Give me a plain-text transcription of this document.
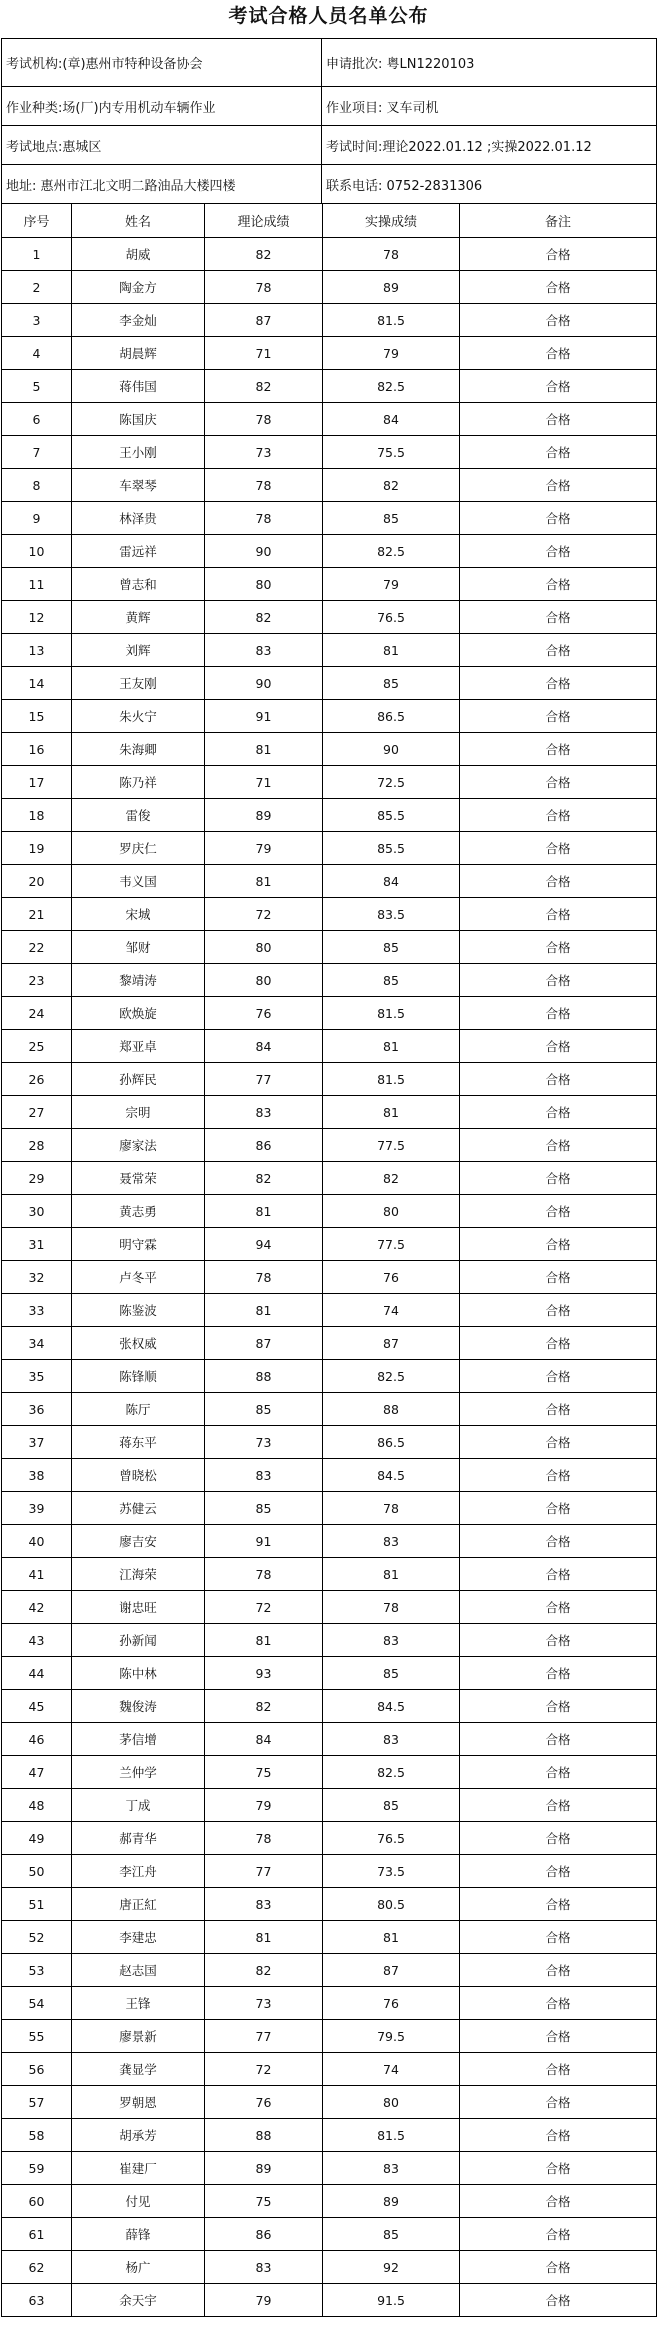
考试合格人员名单公布
考试机构:(章)惠州市特种设备协会	申请批次: 粤LN1220103
作业种类:场(厂)内专用机动车辆作业	作业项目: 叉车司机
考试地点:惠城区	考试时间:理论2022.01.12 ;实操2022.01.12
地址: 惠州市江北文明二路油品大楼四楼	联系电话: 0752-2831306
序号	姓名	理论成绩	实操成绩	备注
1	胡威	82	78	合格
2	陶金方	78	89	合格
3	李金灿	87	81.5	合格
4	胡晨辉	71	79	合格
5	蒋伟国	82	82.5	合格
6	陈国庆	78	84	合格
7	王小刚	73	75.5	合格
8	车翠琴	78	82	合格
9	林泽贵	78	85	合格
10	雷远祥	90	82.5	合格
11	曾志和	80	79	合格
12	黄辉	82	76.5	合格
13	刘辉	83	81	合格
14	王友刚	90	85	合格
15	朱火宁	91	86.5	合格
16	朱海卿	81	90	合格
17	陈乃祥	71	72.5	合格
18	雷俊	89	85.5	合格
19	罗庆仁	79	85.5	合格
20	韦义国	81	84	合格
21	宋城	72	83.5	合格
22	邹财	80	85	合格
23	黎靖涛	80	85	合格
24	欧焕旋	76	81.5	合格
25	郑亚卓	84	81	合格
26	孙辉民	77	81.5	合格
27	宗明	83	81	合格
28	廖家法	86	77.5	合格
29	聂常荣	82	82	合格
30	黄志勇	81	80	合格
31	明守霖	94	77.5	合格
32	卢冬平	78	76	合格
33	陈鉴波	81	74	合格
34	张权威	87	87	合格
35	陈锋顺	88	82.5	合格
36	陈厅	85	88	合格
37	蒋东平	73	86.5	合格
38	曾晓松	83	84.5	合格
39	苏健云	85	78	合格
40	廖吉安	91	83	合格
41	江海荣	78	81	合格
42	谢忠旺	72	78	合格
43	孙新闻	81	83	合格
44	陈中林	93	85	合格
45	魏俊涛	82	84.5	合格
46	茅信增	84	83	合格
47	兰仲学	75	82.5	合格
48	丁成	79	85	合格
49	郝青华	78	76.5	合格
50	李江舟	77	73.5	合格
51	唐正紅	83	80.5	合格
52	李建忠	81	81	合格
53	赵志国	82	87	合格
54	王锋	73	76	合格
55	廖景新	77	79.5	合格
56	龚显学	72	74	合格
57	罗朝恩	76	80	合格
58	胡承芳	88	81.5	合格
59	崔建厂	89	83	合格
60	付见	75	89	合格
61	薛锋	86	85	合格
62	杨广	83	92	合格
63	余天宇	79	91.5	合格
